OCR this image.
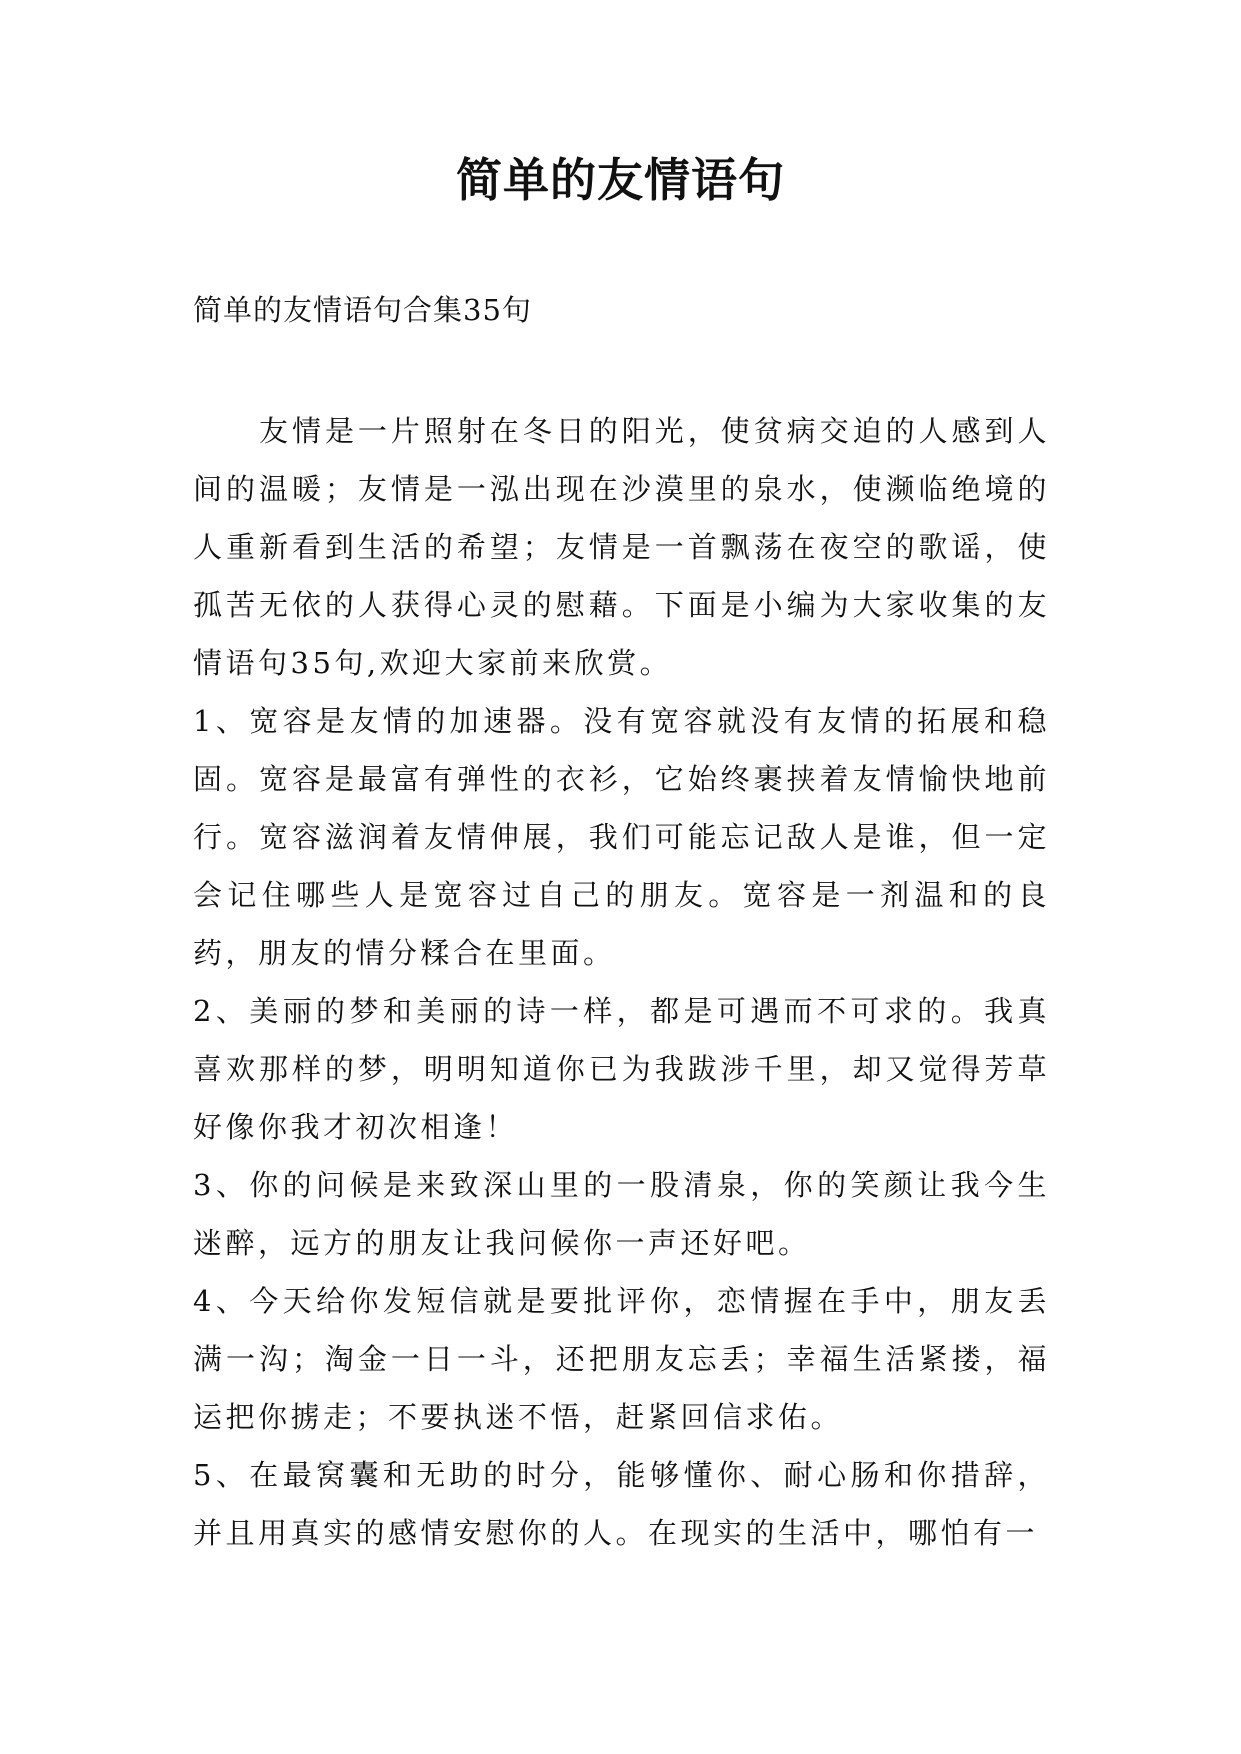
简单的友情语句
简单的友情语句合集35句

友情是一片照射在冬日的阳光，使贫病交迫的人感到人间的温暖；友情是一泓出现在沙漠里的泉水，使濒临绝境的人重新看到生活的希望；友情是一首飘荡在夜空的歌谣，使孤苦无依的人获得心灵的慰藉。下面是小编为大家收集的友情语句35句,欢迎大家前来欣赏。

1、宽容是友情的加速器。没有宽容就没有友情的拓展和稳固。宽容是最富有弹性的衣衫，它始终裹挟着友情愉快地前行。宽容滋润着友情伸展，我们可能忘记敌人是谁，但一定会记住哪些人是宽容过自己的朋友。宽容是一剂温和的良药，朋友的情分糅合在里面。

2、美丽的梦和美丽的诗一样，都是可遇而不可求的。我真喜欢那样的梦，明明知道你已为我跋涉千里，却又觉得芳草好像你我才初次相逢！

3、你的问候是来致深山里的一股清泉，你的笑颜让我今生迷醉，远方的朋友让我问候你一声还好吧。

4、今天给你发短信就是要批评你，恋情握在手中，朋友丢满一沟；淘金一日一斗，还把朋友忘丢；幸福生活紧搂，福运把你掳走；不要执迷不悟，赶紧回信求佑。

5、在最窝囊和无助的时分，能够懂你、耐心肠和你措辞，并且用真实的感情安慰你的人。在现实的生活中，哪怕有一
